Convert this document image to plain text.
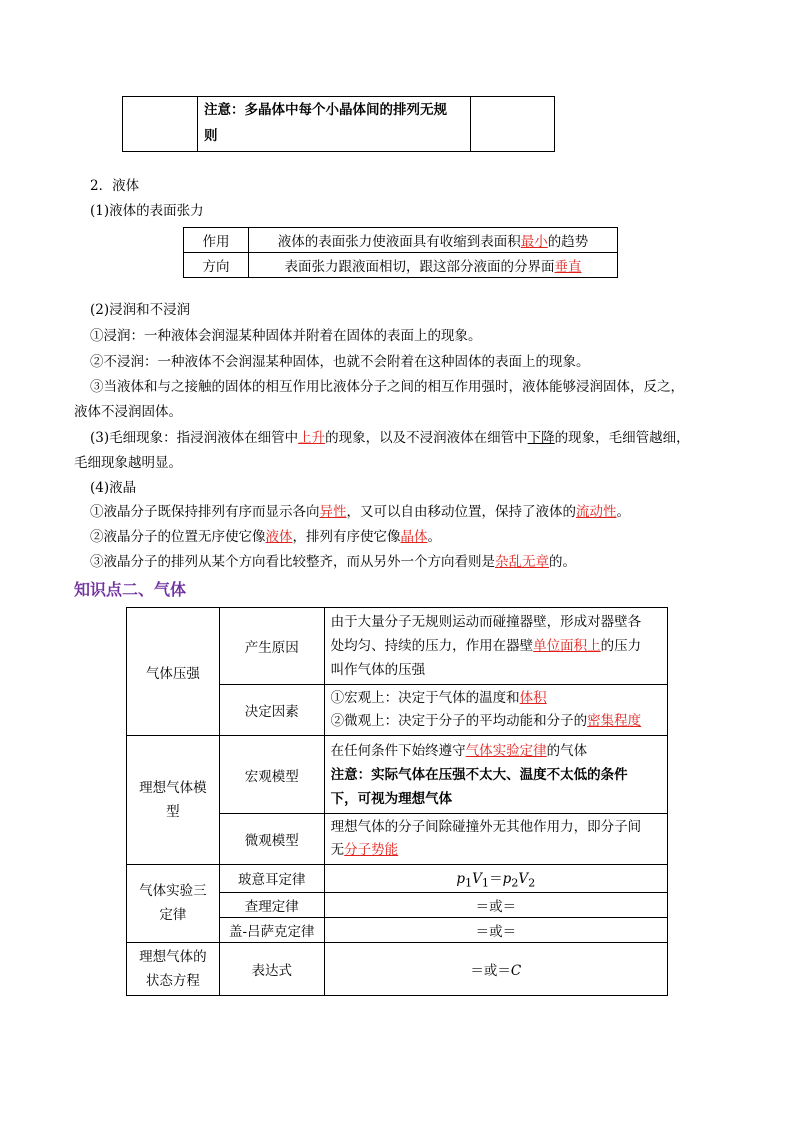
	注意：多晶体中每个小晶体间的排列无规
则	
2．液体
(1)液体的表面张力
作用	液体的表面张力使液面具有收缩到表面积最小的趋势
方向	表面张力跟液面相切，跟这部分液面的分界面垂直
(2)浸润和不浸润
①浸润：一种液体会润湿某种固体并附着在固体的表面上的现象。
②不浸润：一种液体不会润湿某种固体，也就不会附着在这种固体的表面上的现象。
③当液体和与之接触的固体的相互作用比液体分子之间的相互作用强时，液体能够浸润固体，反之，
液体不浸润固体。
(3)毛细现象：指浸润液体在细管中上升的现象，以及不浸润液体在细管中下降的现象，毛细管越细，
毛细现象越明显。
(4)液晶
①液晶分子既保持排列有序而显示各向异性，又可以自由移动位置，保持了液体的流动性。
②液晶分子的位置无序使它像液体，排列有序使它像晶体。
③液晶分子的排列从某个方向看比较整齐，而从另外一个方向看则是杂乱无章的。
知识点二、气体
气体压强	产生原因	由于大量分子无规则运动而碰撞器壁，形成对器壁各
处均匀、持续的压力，作用在器壁单位面积上的压力
叫作气体的压强
	决定因素	①宏观上：决定于气体的温度和体积
②微观上：决定于分子的平均动能和分子的密集程度
理想气体模
型	宏观模型	在任何条件下始终遵守气体实验定律的气体
注意：实际气体在压强不太大、温度不太低的条件
下，可视为理想气体
	微观模型	理想气体的分子间除碰撞外无其他作用力，即分子间
无分子势能
气体实验三
定律	玻意耳定律	$p_1V_1=p_2V_2$
	查理定律	＝或＝
	盖-吕萨克定律	＝或＝
理想气体的
状态方程	表达式	＝或＝C
